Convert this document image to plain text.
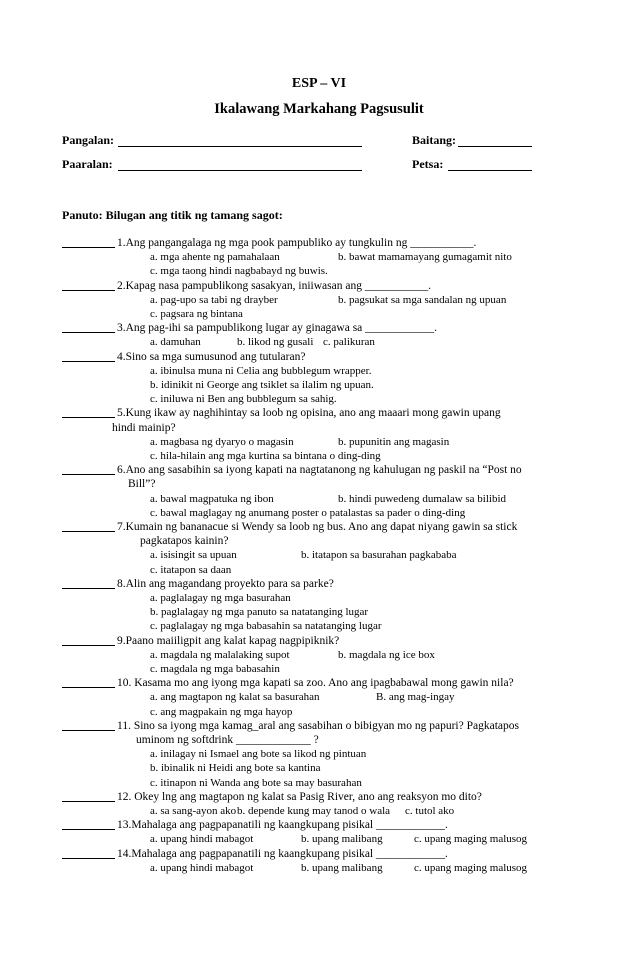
ESP – VI
Ikalawang Markahang Pagsusulit
Pangalan:	Baitang:
Paaralan:	Petsa:
Panuto: Bilugan ang titik ng tamang sagot:
1.Ang pangangalaga ng mga pook pampubliko ay tungkulin ng ___________.
a. mga ahente ng pamahalaan	b. bawat mamamayang gumagamit nito
c. mga taong hindi nagbabayd ng buwis.
2.Kapag nasa pampublikong sasakyan, iniiwasan ang ___________.
a. pag-upo sa tabi ng drayber	b. pagsukat sa mga sandalan ng upuan
c. pagsara ng bintana
3.Ang pag-ihi sa pampublikong lugar ay ginagawa sa ____________.
a. damuhan	b. likod ng gusali c. palikuran
4.Sino sa mga sumusunod ang tutularan?
a. ibinulsa muna ni Celia ang bubblegum wrapper.
b. idinikit ni George ang tsiklet sa ilalim ng upuan.
c. iniluwa ni Ben ang bubblegum sa sahig.
5.Kung ikaw ay naghihintay sa loob ng opisina, ano ang maaari mong gawin upang
hindi mainip?
a. magbasa ng dyaryo o magasin	b. pupunitin ang magasin
c. hila-hilain ang mga kurtina sa bintana o ding-ding
6.Ano ang sasabihin sa iyong kapati na nagtatanong ng kahulugan ng paskil na “Post no
Bill”?
a. bawal magpatuka ng ibon	b. hindi puwedeng dumalaw sa bilibid
c. bawal maglagay ng anumang poster o patalastas sa pader o ding-ding
7.Kumain ng bananacue si Wendy sa loob ng bus. Ano ang dapat niyang gawin sa stick
pagkatapos kainin?
a. isisingit sa upuan	b. itatapon sa basurahan pagkababa
c. itatapon sa daan
8.Alin ang magandang proyekto para sa parke?
a. paglalagay ng mga basurahan
b. paglalagay ng mga panuto sa natatanging lugar
c. paglalagay ng mga babasahin sa natatanging lugar
9.Paano maiiligpit ang kalat kapag nagpipiknik?
a. magdala ng malalaking supot	b. magdala ng ice box
c. magdala ng mga babasahin
10. Kasama mo ang iyong mga kapati sa zoo. Ano ang ipagbabawal mong gawin nila?
a. ang magtapon ng kalat sa basurahan	B. ang mag-ingay
c. ang magpakain ng mga hayop
11. Sino sa iyong mga kamag_aral ang sasabihan o bibigyan mo ng papuri? Pagkatapos
uminom ng softdrink _____________ ?
a. inilagay ni Ismael ang bote sa likod ng pintuan
b. ibinalik ni Heidi ang bote sa kantina
c. itinapon ni Wanda ang bote sa may basurahan
12. Okey lng ang magtapon ng kalat sa Pasig River, ano ang reaksyon mo dito?
a. sa sang-ayon ako b. depende kung may tanod o wala c. tutol ako
13.Mahalaga ang pagpapanatili ng kaangkupang pisikal ____________.
a. upang hindi mabagot	b. upang malibang	c. upang maging malusog
14.Mahalaga ang pagpapanatili ng kaangkupang pisikal ____________.
a. upang hindi mabagot	b. upang malibang	c. upang maging malusog
